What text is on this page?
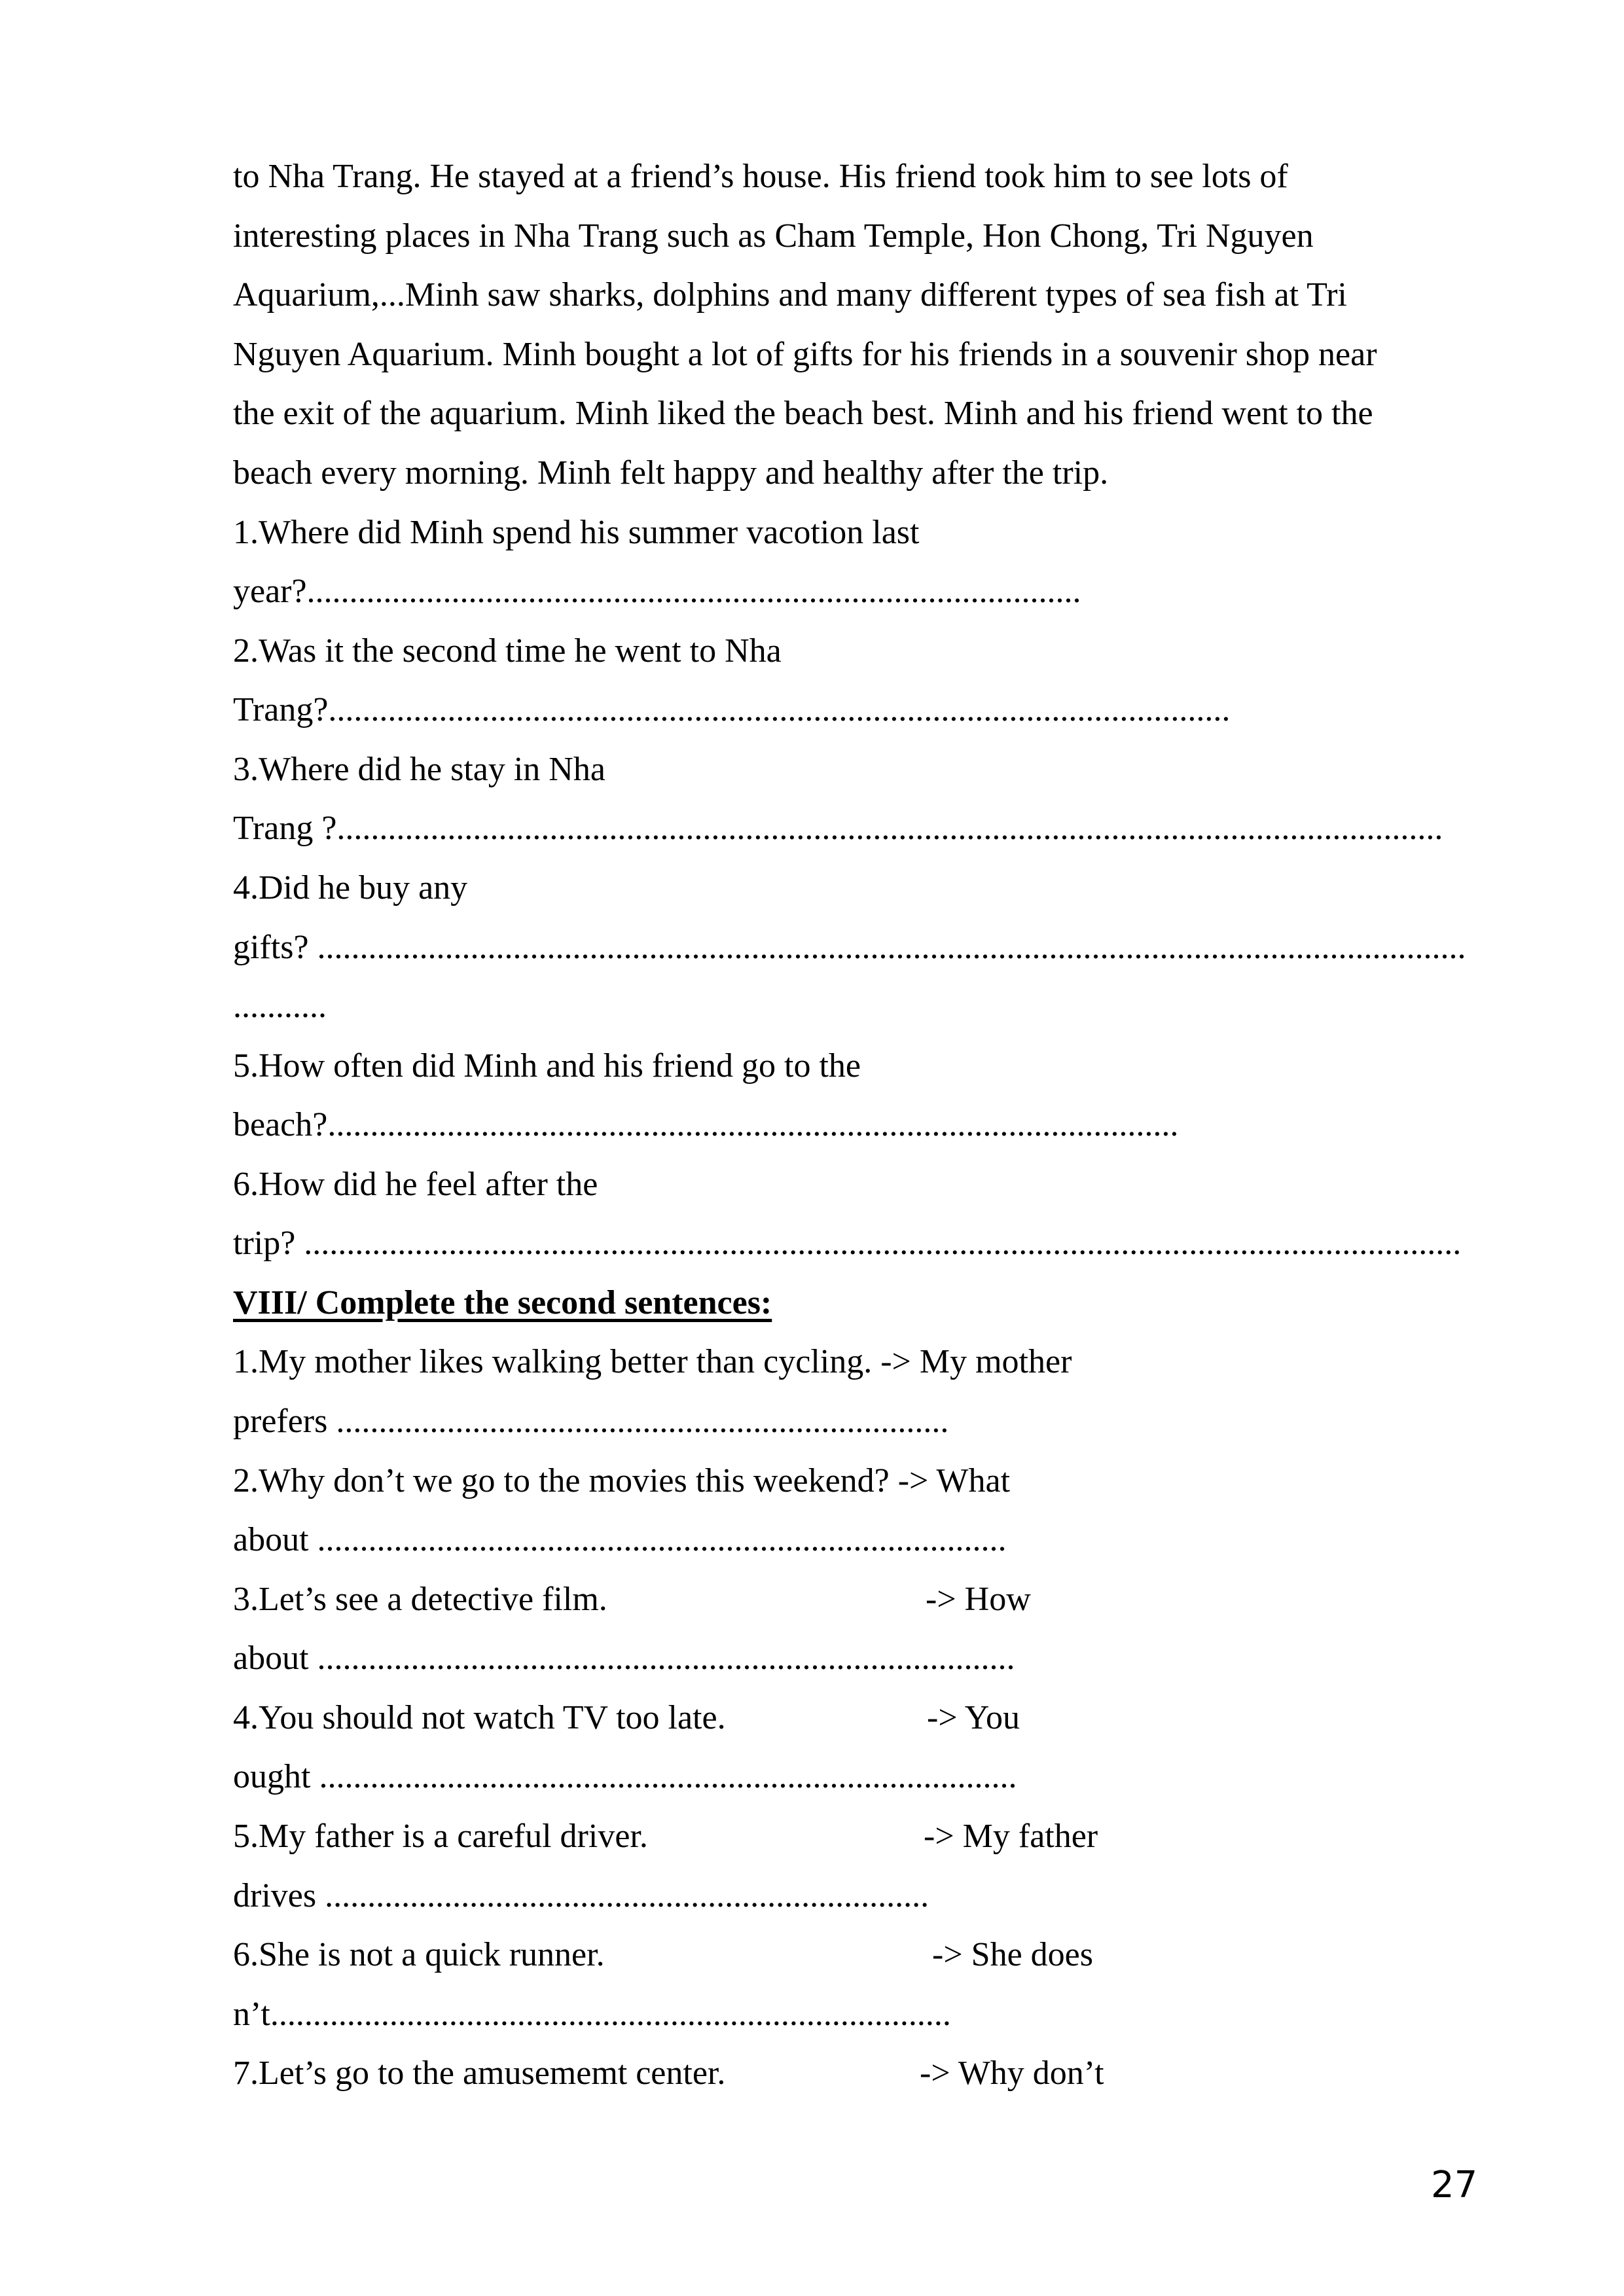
to Nha Trang. He stayed at a friend’s house. His friend took him to see lots of
interesting places in Nha Trang such as Cham Temple, Hon Chong, Tri Nguyen
Aquarium,...Minh saw sharks, dolphins and many different types of sea fish at Tri
Nguyen Aquarium. Minh bought a lot of gifts for his friends in a souvenir shop near
the exit of the aquarium. Minh liked the beach best. Minh and his friend went to the
beach every morning. Minh felt happy and healthy after the trip.
1.Where did Minh spend his summer vacotion last
year?...........................................................................................
2.Was it the second time he went to Nha
Trang?..........................................................................................................
3.Where did he stay in Nha
Trang ?..................................................................................................................................
4.Did he buy any
gifts? .......................................................................................................................................
...........
5.How often did Minh and his friend go to the
beach?....................................................................................................
6.How did he feel after the
trip? ........................................................................................................................................
VIII/ Complete the second sentences:
1.My mother likes walking better than cycling. -> My mother
prefers ........................................................................
2.Why don’t we go to the movies this weekend? -> What
about .................................................................................
3.Let’s see a detective film.	-> How
about ..................................................................................
4.You should not watch TV too late.	-> You
ought ..................................................................................
5.My father is a careful driver.	-> My father
drives .......................................................................
6.She is not a quick runner.	-> She does
n’t................................................................................
7.Let’s go to the amusememt center.	-> Why don’t
27
